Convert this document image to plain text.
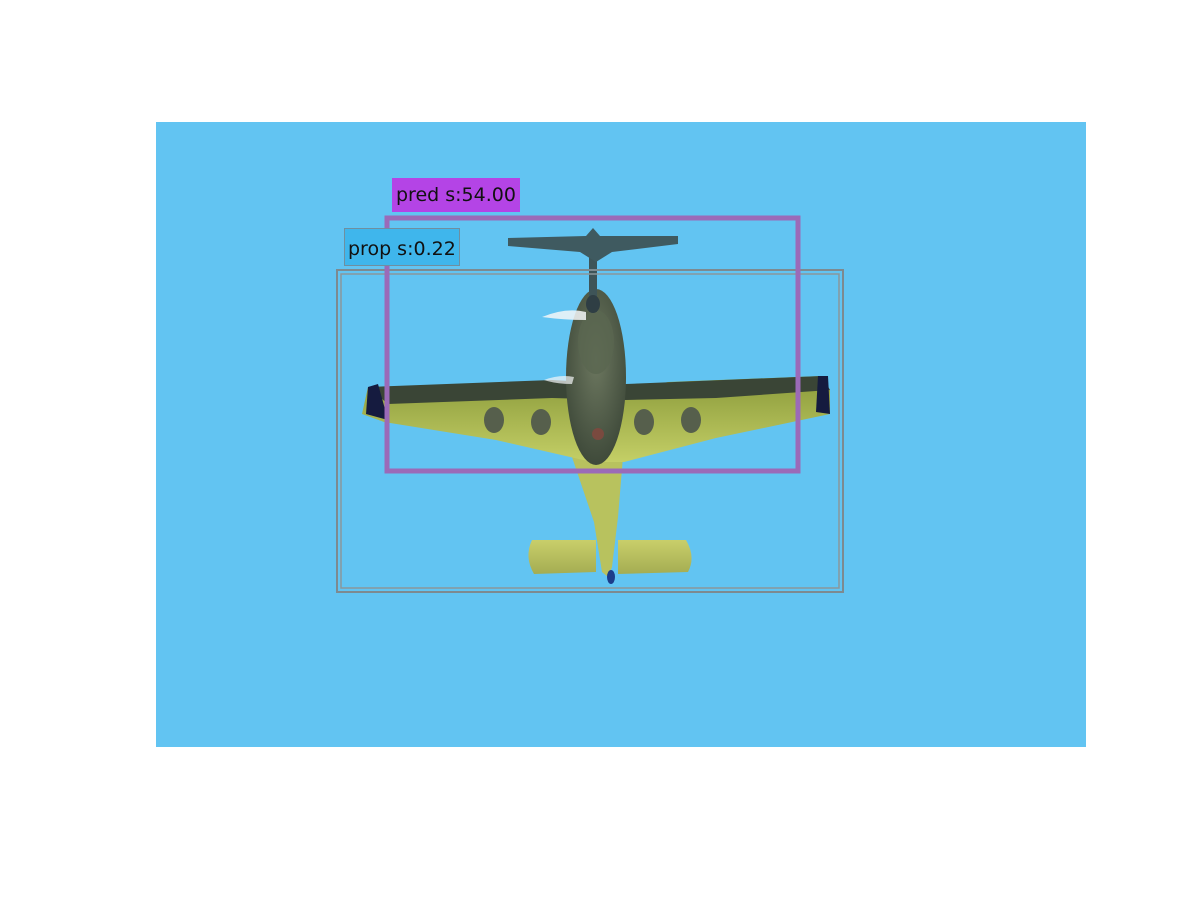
pred s:54.00
prop s:0.22
